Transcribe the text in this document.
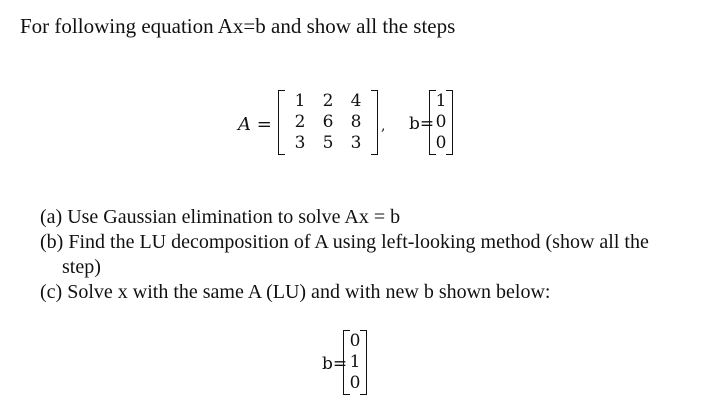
For following equation Ax=b and show all the steps
A =
1	2	4
2	6	8
3	5	3
, b=
1
0
0
(a) Use Gaussian elimination to solve Ax = b
(b) Find the LU decomposition of A using left-looking method (show all the step)
(c) Solve x with the same A (LU) and with new b shown below:
b=
0
1
0
